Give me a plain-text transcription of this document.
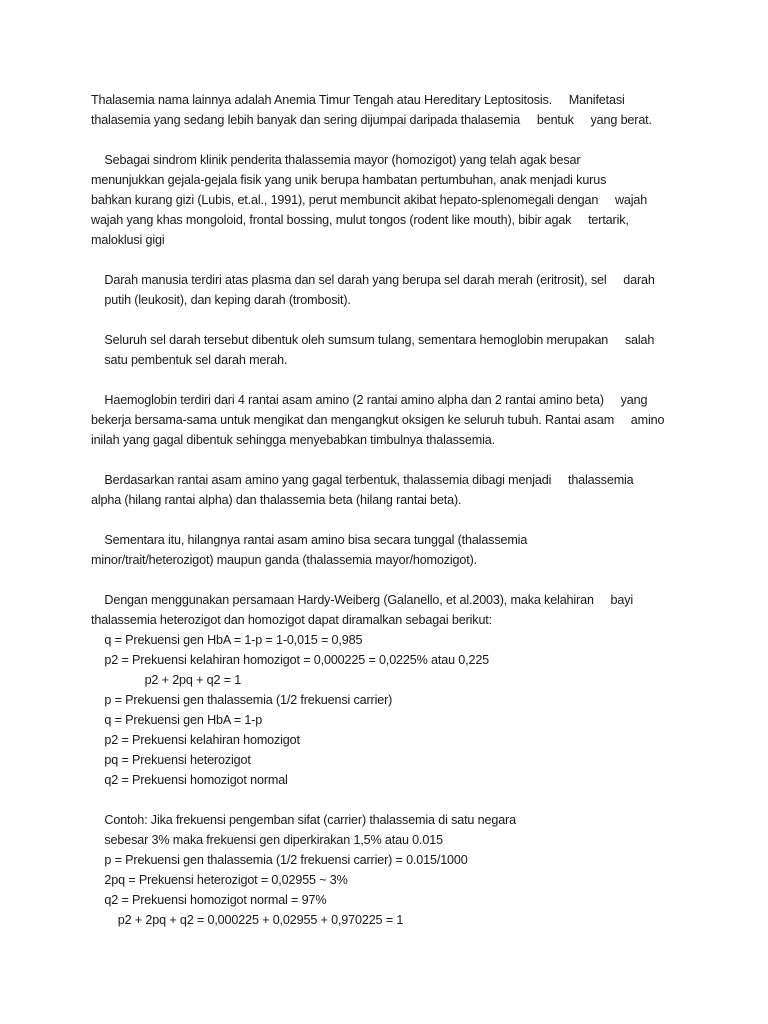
Thalasemia nama lainnya adalah Anemia Timur Tengah atau Hereditary Leptositosis.     Manifetasi
thalasemia yang sedang lebih banyak dan sering dijumpai daripada thalasemia     bentuk     yang berat.
Sebagai sindrom klinik penderita thalassemia mayor (homozigot) yang telah agak besar
menunjukkan gejala-gejala fisik yang unik berupa hambatan pertumbuhan, anak menjadi kurus
bahkan kurang gizi (Lubis, et.al., 1991), perut membuncit akibat hepato-splenomegali dengan     wajah
wajah yang khas mongoloid, frontal bossing, mulut tongos (rodent like mouth), bibir agak     tertarik,
maloklusi gigi
Darah manusia terdiri atas plasma dan sel darah yang berupa sel darah merah (eritrosit), sel     darah
putih (leukosit), dan keping darah (trombosit).
Seluruh sel darah tersebut dibentuk oleh sumsum tulang, sementara hemoglobin merupakan     salah
satu pembentuk sel darah merah.
Haemoglobin terdiri dari 4 rantai asam amino (2 rantai amino alpha dan 2 rantai amino beta)     yang
bekerja bersama-sama untuk mengikat dan mengangkut oksigen ke seluruh tubuh. Rantai asam     amino
inilah yang gagal dibentuk sehingga menyebabkan timbulnya thalassemia.
Berdasarkan rantai asam amino yang gagal terbentuk, thalassemia dibagi menjadi     thalassemia
alpha (hilang rantai alpha) dan thalassemia beta (hilang rantai beta).
Sementara itu, hilangnya rantai asam amino bisa secara tunggal (thalassemia
minor/trait/heterozigot) maupun ganda (thalassemia mayor/homozigot).
Dengan menggunakan persamaan Hardy-Weiberg (Galanello, et al.2003), maka kelahiran     bayi
thalassemia heterozigot dan homozigot dapat diramalkan sebagai berikut:
q = Prekuensi gen HbA = 1-p = 1-0,015 = 0,985
p2 = Prekuensi kelahiran homozigot = 0,000225 = 0,0225% atau 0,225
p2 + 2pq + q2 = 1
p = Prekuensi gen thalassemia (1/2 frekuensi carrier)
q = Prekuensi gen HbA = 1-p
p2 = Prekuensi kelahiran homozigot
pq = Prekuensi heterozigot
q2 = Prekuensi homozigot normal
Contoh: Jika frekuensi pengemban sifat (carrier) thalassemia di satu negara
sebesar 3% maka frekuensi gen diperkirakan 1,5% atau 0.015
p = Prekuensi gen thalassemia (1/2 frekuensi carrier) = 0.015/1000
2pq = Prekuensi heterozigot = 0,02955 ~ 3%
q2 = Prekuensi homozigot normal = 97%
p2 + 2pq + q2 = 0,000225 + 0,02955 + 0,970225 = 1
